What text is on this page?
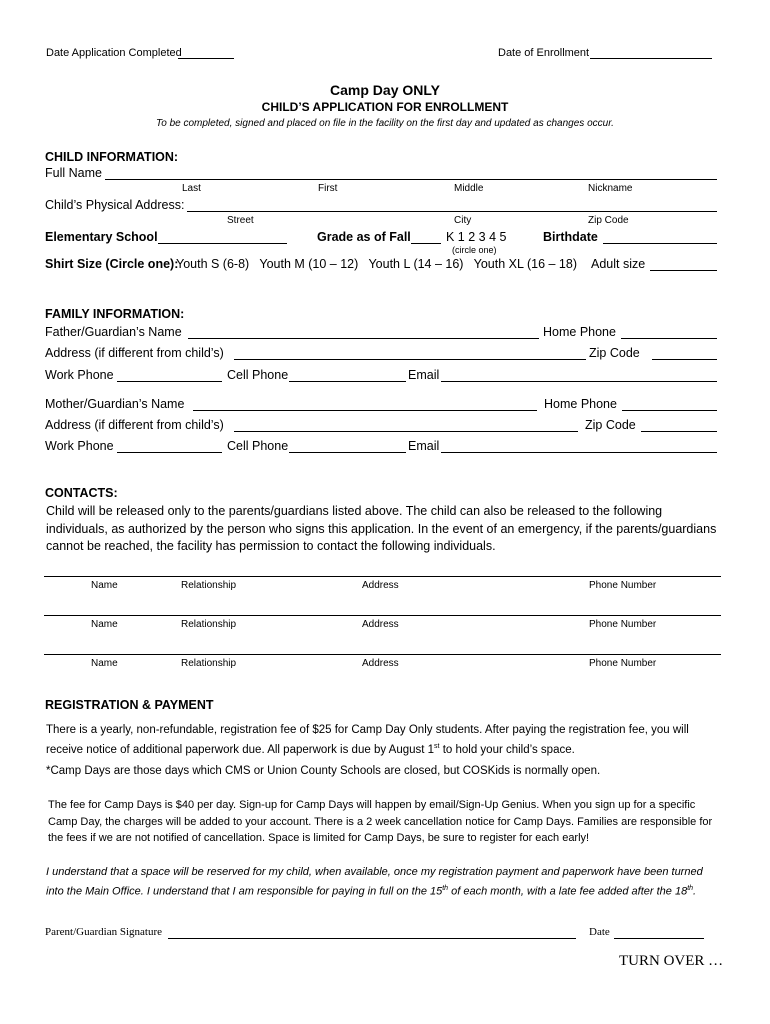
Date Application Completed	Date of Enrollment
Camp Day ONLY
CHILD’S APPLICATION FOR ENROLLMENT
To be completed, signed and placed on file in the facility on the first day and updated as changes occur.
CHILD INFORMATION:
Full Name
Last	First	Middle	Nickname
Child’s Physical Address:
Street	City	Zip Code
Elementary School	Grade as of Fall	K 1 2 3 4 5
(circle one)
Birthdate
Shirt Size (Circle one):
Youth S (6-8)   Youth M (10 – 12)   Youth L (14 – 16)   Youth XL (16 – 18) Adult size
FAMILY INFORMATION:
Father/Guardian’s Name	Home Phone
Address (if different from child’s)	Zip Code
Work Phone	Cell Phone	Email
Mother/Guardian’s Name	Home Phone
Address (if different from child’s)	Zip Code
Work Phone	Cell Phone	Email
CONTACTS:
Child will be released only to the parents/guardians listed above. The child can also be released to the following individuals, as authorized by the person who signs this application. In the event of an emergency, if the parents/guardians cannot be reached, the facility has permission to contact the following individuals.
Name	Relationship	Address	Phone Number
Name	Relationship	Address	Phone Number
Name	Relationship	Address	Phone Number
REGISTRATION & PAYMENT
There is a yearly, non-refundable, registration fee of $25 for Camp Day Only students. After paying the registration fee, you will receive notice of additional paperwork due. All paperwork is due by August 1st to hold your child’s space.
*Camp Days are those days which CMS or Union County Schools are closed, but COSKids is normally open.
The fee for Camp Days is $40 per day. Sign-up for Camp Days will happen by email/Sign-Up Genius. When you sign up for a specific Camp Day, the charges will be added to your account. There is a 2 week cancellation notice for Camp Days. Families are responsible for the fees if we are not notified of cancellation. Space is limited for Camp Days, be sure to register for each early!
I understand that a space will be reserved for my child, when available, once my registration payment and paperwork have been turned into the Main Office. I understand that I am responsible for paying in full on the 15th of each month, with a late fee added after the 18th.
Parent/Guardian Signature	Date
TURN OVER …
